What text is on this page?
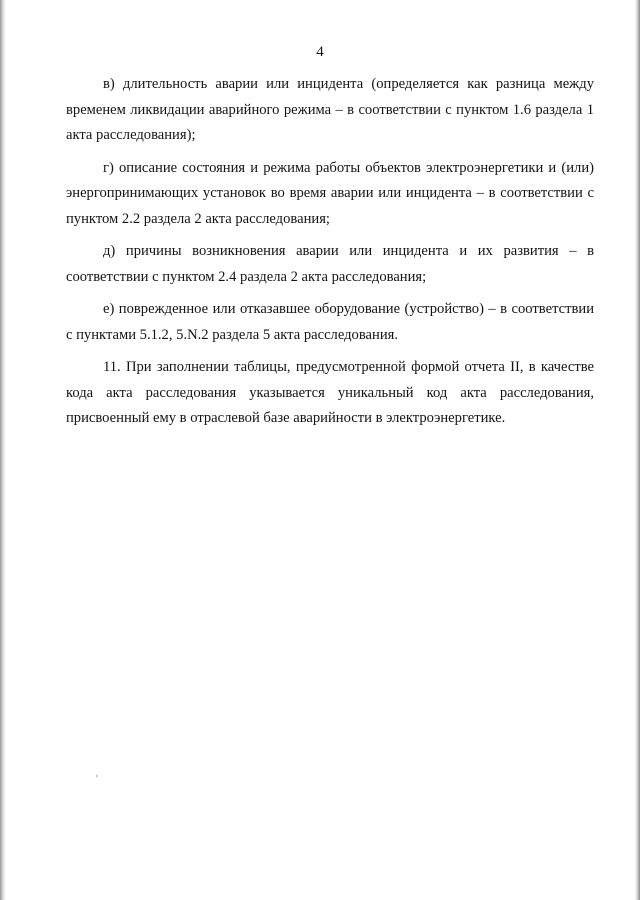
4

в) длительность аварии или инцидента (определяется как разница между временем ликвидации аварийного режима – в соответствии с пунктом 1.6 раздела 1 акта расследования);

г) описание состояния и режима работы объектов электроэнергетики и (или) энергопринимающих установок во время аварии или инцидента – в соответствии с пунктом 2.2 раздела 2 акта расследования;

д) причины возникновения аварии или инцидента и их развития – в соответствии с пунктом 2.4 раздела 2 акта расследования;

е) поврежденное или отказавшее оборудование (устройство) – в соответствии с пунктами 5.1.2, 5.N.2 раздела 5 акта расследования.

11. При заполнении таблицы, предусмотренной формой отчета II, в качестве кода акта расследования указывается уникальный код акта расследования, присвоенный ему в отраслевой базе аварийности в электроэнергетике.
